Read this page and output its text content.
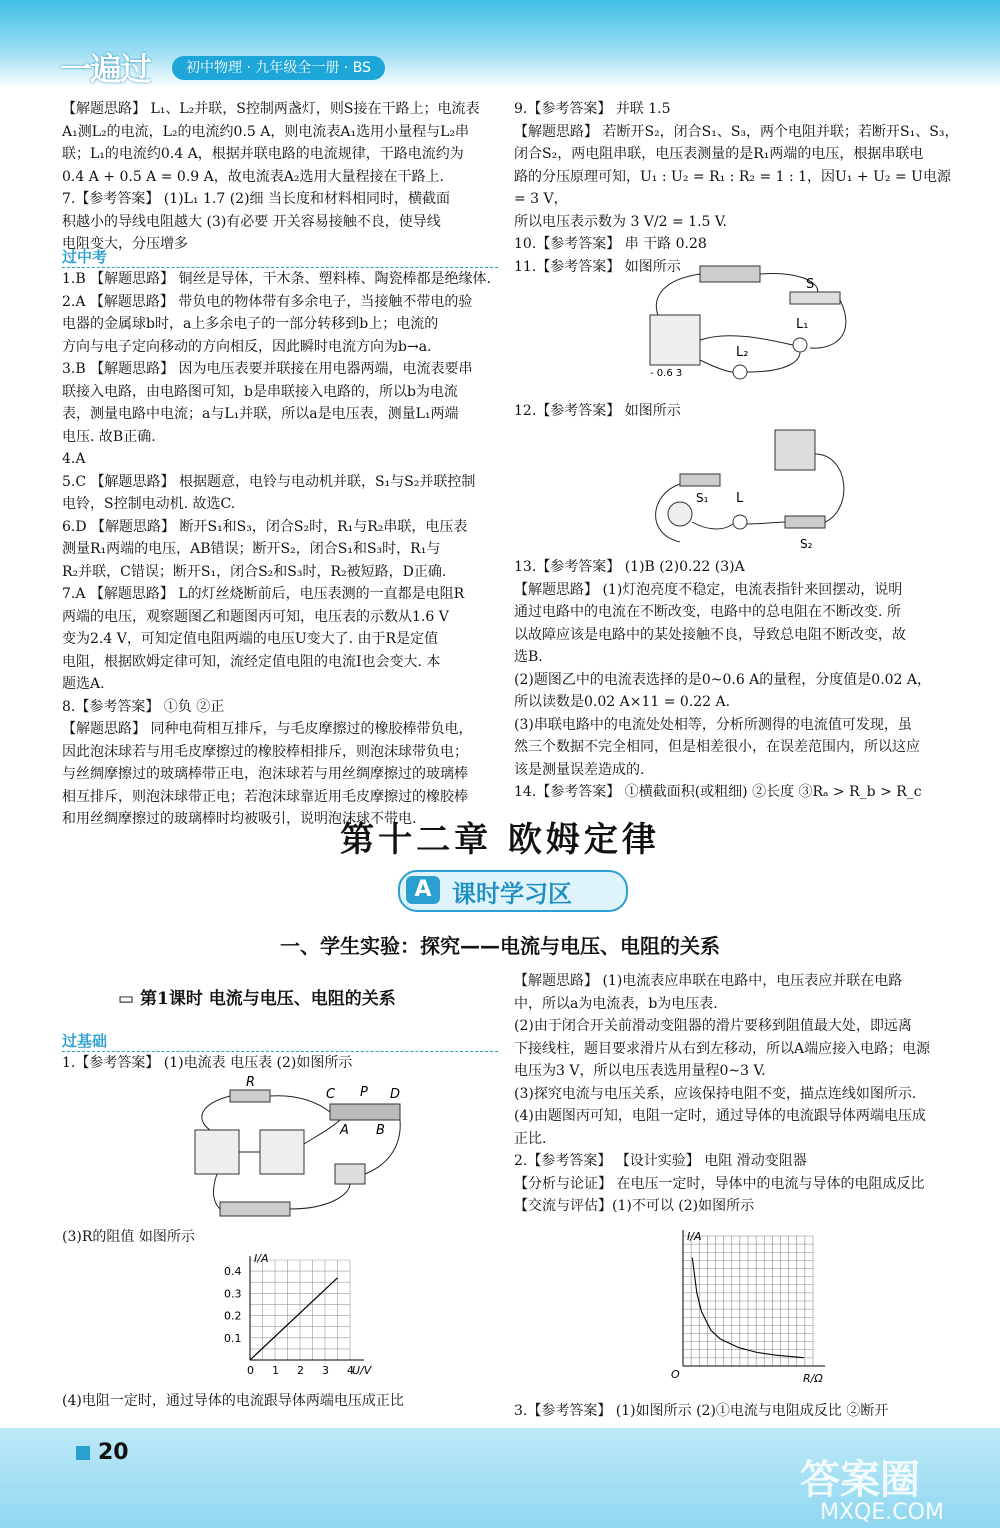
一遍过	初中物理 · 九年级全一册 · BS

【解题思路】 L₁、L₂并联，S控制两盏灯，则S接在干路上；电流表

A₁测L₂的电流，L₂的电流约0.5 A，则电流表A₁选用小量程与L₂串

联；L₁的电流约0.4 A，根据并联电路的电流规律，干路电流约为

0.4 A + 0.5 A = 0.9 A，故电流表A₂选用大量程接在干路上.

7.【参考答案】 (1)L₁ 1.7 (2)细 当长度和材料相同时，横截面

积越小的导线电阻越大 (3)有必要 开关容易接触不良，使导线

电阻变大，分压增多

过中考

1.B 【解题思路】 铜丝是导体，干木条、塑料棒、陶瓷棒都是绝缘体.

2.A 【解题思路】 带负电的物体带有多余电子，当接触不带电的验

电器的金属球b时，a上多余电子的一部分转移到b上；电流的

方向与电子定向移动的方向相反，因此瞬时电流方向为b→a.

3.B 【解题思路】 因为电压表要并联接在用电器两端，电流表要串

联接入电路，由电路图可知，b是串联接入电路的，所以b为电流

表，测量电路中电流；a与L₁并联，所以a是电压表，测量L₁两端

电压. 故B正确.

4.A

5.C 【解题思路】 根据题意，电铃与电动机并联，S₁与S₂并联控制

电铃，S控制电动机. 故选C.

6.D 【解题思路】 断开S₁和S₃，闭合S₂时，R₁与R₂串联，电压表

测量R₁两端的电压，AB错误；断开S₂，闭合S₁和S₃时，R₁与

R₂并联，C错误；断开S₁，闭合S₂和S₃时，R₂被短路，D正确.

7.A 【解题思路】 L的灯丝烧断前后，电压表测的一直都是电阻R

两端的电压，观察题图乙和题图丙可知，电压表的示数从1.6 V

变为2.4 V，可知定值电阻两端的电压U变大了. 由于R是定值

电阻，根据欧姆定律可知，流经定值电阻的电流I也会变大. 本

题选A.

8.【参考答案】 ①负 ②正

【解题思路】 同种电荷相互排斥，与毛皮摩擦过的橡胶棒带负电，

因此泡沫球若与用毛皮摩擦过的橡胶棒相排斥，则泡沫球带负电；

与丝绸摩擦过的玻璃棒带正电，泡沫球若与用丝绸摩擦过的玻璃棒

相互排斥，则泡沫球带正电；若泡沫球靠近用毛皮摩擦过的橡胶棒

和用丝绸摩擦过的玻璃棒时均被吸引，说明泡沫球不带电.

9.【参考答案】 并联 1.5

【解题思路】 若断开S₂，闭合S₁、S₃，两个电阻并联；若断开S₁、S₃，

闭合S₂，两电阻串联，电压表测量的是R₁两端的电压，根据串联电

路的分压原理可知，U₁ : U₂ = R₁ : R₂ = 1 : 1，因U₁ + U₂ = U电源 = 3 V，

所以电压表示数为 3 V/2 = 1.5 V.

10.【参考答案】 串 干路 0.28

11.【参考答案】 如图所示

S
- 0.6 3
L₁
L₂

12.【参考答案】 如图所示

S₁ L
S₂

13.【参考答案】 (1)B (2)0.22 (3)A

【解题思路】 (1)灯泡亮度不稳定，电流表指针来回摆动，说明

通过电路中的电流在不断改变，电路中的总电阻在不断改变. 所

以故障应该是电路中的某处接触不良，导致总电阻不断改变，故

选B.

(2)题图乙中的电流表选择的是0~0.6 A的量程，分度值是0.02 A，

所以读数是0.02 A×11 = 0.22 A.

(3)串联电路中的电流处处相等，分析所测得的电流值可发现，虽

然三个数据不完全相同，但是相差很小，在误差范围内，所以这应

该是测量误差造成的.

14.【参考答案】 ①横截面积(或粗细) ②长度 ③Rₐ > R_b > R_c

第十二章 欧姆定律
A 课时学习区
一、学生实验：探究——电流与电压、电阻的关系
▭ 第1课时 电流与电压、电阻的关系
过基础

1.【参考答案】 (1)电流表 电压表 (2)如图所示

R
C P D
A B

(3)R的阻值 如图所示

0 1 2 3 4
0.1
0.2
0.3
0.4
I/A
U/V

(4)电阻一定时，通过导体的电流跟导体两端电压成正比

【解题思路】 (1)电流表应串联在电路中，电压表应并联在电路

中，所以a为电流表，b为电压表.

(2)由于闭合开关前滑动变阻器的滑片要移到阻值最大处，即远离

下接线柱，题目要求滑片从右到左移动，所以A端应接入电路；电源

电压为3 V，所以电压表选用量程0~3 V.

(3)探究电流与电压关系，应该保持电阻不变，描点连线如图所示.

(4)由题图丙可知，电阻一定时，通过导体的电流跟导体两端电压成

正比.

2.【参考答案】 【设计实验】 电阻 滑动变阻器

【分析与论证】 在电压一定时，导体中的电流与导体的电阻成反比

【交流与评估】(1)不可以 (2)如图所示

I/A
R/Ω
O

3.【参考答案】 (1)如图所示 (2)①电流与电阻成反比 ②断开

20
答案圈
MXQE.COM
